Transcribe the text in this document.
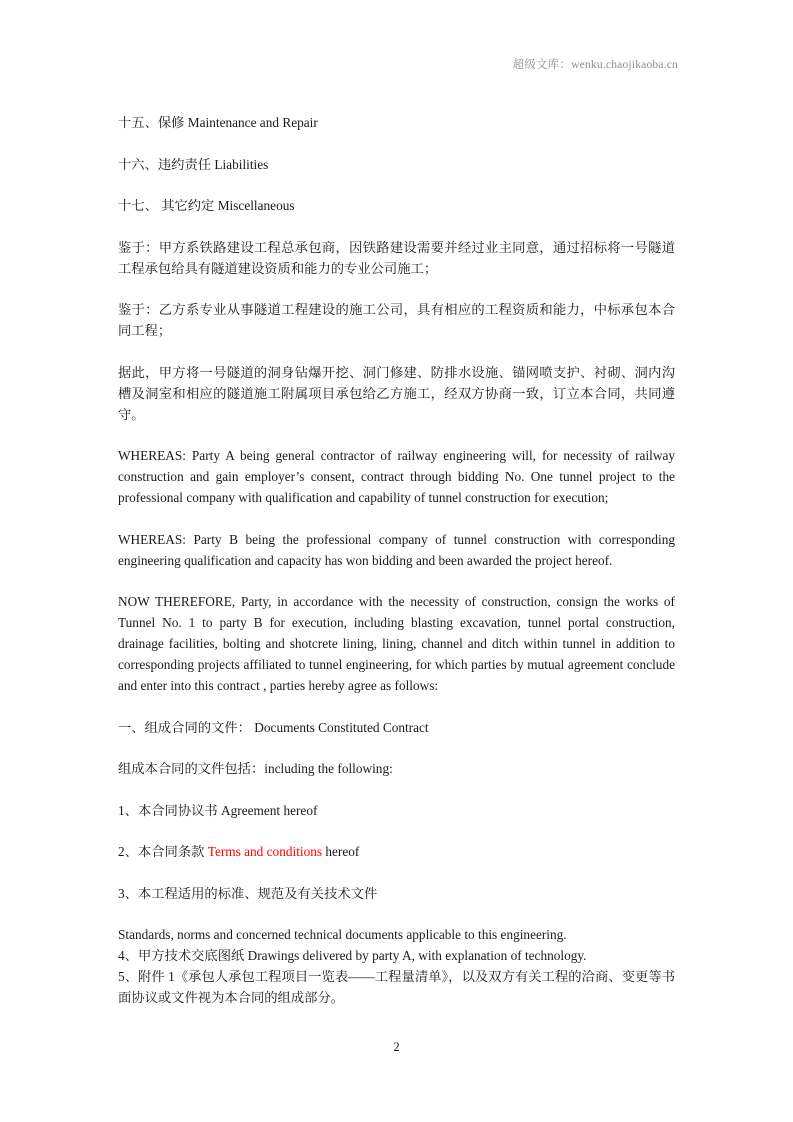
超级文库：wenku.chaojikaoba.cn

十五、保修 Maintenance and Repair

十六、违约责任 Liabilities

十七、 其它约定 Miscellaneous

鉴于：甲方系铁路建设工程总承包商，因铁路建设需要并经过业主同意，通过招标将一号隧道工程承包给具有隧道建设资质和能力的专业公司施工；

鉴于：乙方系专业从事隧道工程建设的施工公司，具有相应的工程资质和能力，中标承包本合同工程；

据此，甲方将一号隧道的洞身钻爆开挖、洞门修建、防排水设施、锚网喷支护、衬砌、洞内沟槽及洞室和相应的隧道施工附属项目承包给乙方施工，经双方协商一致，订立本合同，共同遵守。

WHEREAS: Party A being general contractor of railway engineering will, for necessity of railway construction and gain employer’s consent, contract through bidding No. One tunnel project to the professional company with qualification and capability of tunnel construction for execution;

WHEREAS: Party B being the professional company of tunnel construction with corresponding engineering qualification and capacity has won bidding and been awarded the project hereof.

NOW THEREFORE, Party, in accordance with the necessity of construction, consign the works of Tunnel No. 1 to party B for execution, including blasting excavation, tunnel portal construction, drainage facilities, bolting and shotcrete lining, lining, channel and ditch within tunnel in addition to corresponding projects affiliated to tunnel engineering, for which parties by mutual agreement conclude and enter into this contract , parties hereby agree as follows:

一、组成合同的文件： Documents Constituted Contract

组成本合同的文件包括：including the following:

1、本合同协议书 Agreement hereof

2、本合同条款 Terms and conditions hereof

3、本工程适用的标准、规范及有关技术文件

Standards, norms and concerned technical documents applicable to this engineering.

4、甲方技术交底图纸 Drawings delivered by party A, with explanation of technology.

5、附件 1《承包人承包工程项目一览表——工程量清单》，以及双方有关工程的洽商、变更等书面协议或文件视为本合同的组成部分。

2
